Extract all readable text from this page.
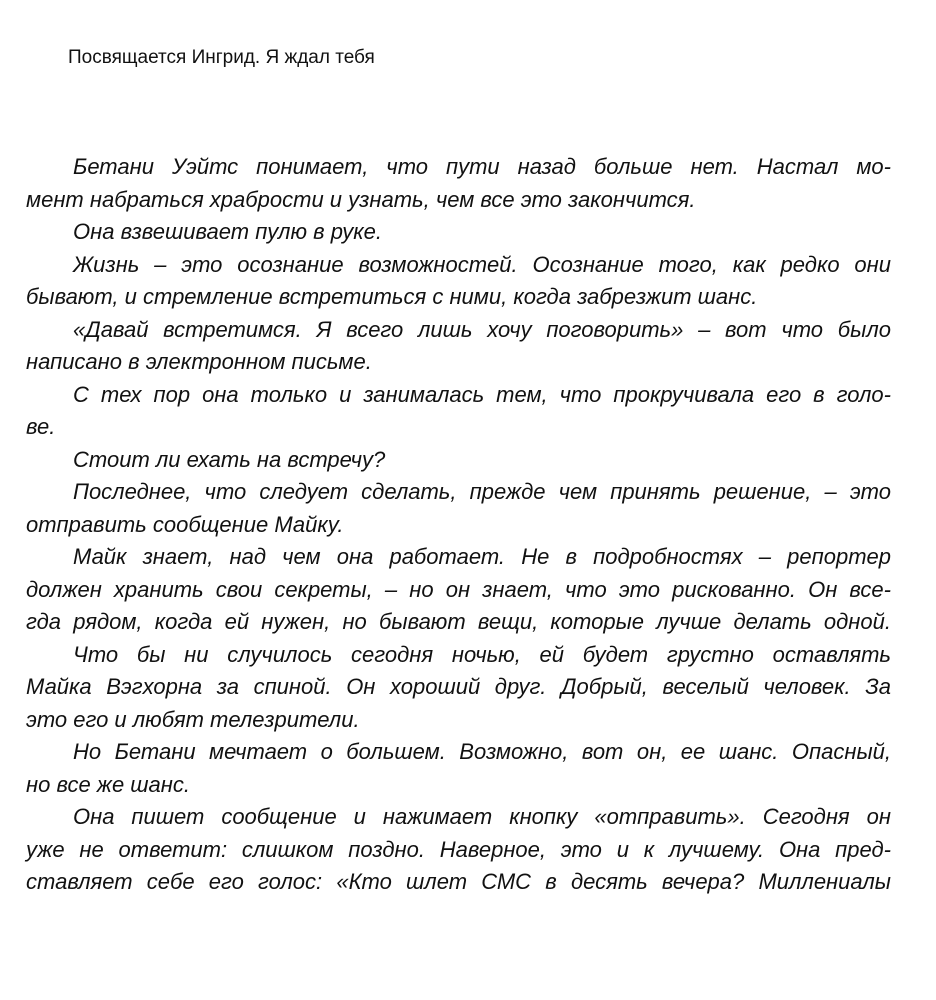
Посвящается Ингрид. Я ждал тебя
Бетани Уэйтс понимает, что пути назад больше нет. Настал мо-
мент набраться храбрости и узнать, чем все это закончится.
Она взвешивает пулю в руке.
Жизнь – это осознание возможностей. Осознание того, как редко они
бывают, и стремление встретиться с ними, когда забрезжит шанс.
«Давай встретимся. Я всего лишь хочу поговорить» – вот что было
написано в электронном письме.
С тех пор она только и занималась тем, что прокручивала его в голо-
ве.
Стоит ли ехать на встречу?
Последнее, что следует сделать, прежде чем принять решение, – это
отправить сообщение Майку.
Майк знает, над чем она работает. Не в подробностях – репортер
должен хранить свои секреты, – но он знает, что это рискованно. Он все-
гда рядом, когда ей нужен, но бывают вещи, которые лучше делать одной.
Что бы ни случилось сегодня ночью, ей будет грустно оставлять
Майка Вэгхорна за спиной. Он хороший друг. Добрый, веселый человек. За
это его и любят телезрители.
Но Бетани мечтает о большем. Возможно, вот он, ее шанс. Опасный,
но все же шанс.
Она пишет сообщение и нажимает кнопку «отправить». Сегодня он
уже не ответит: слишком поздно. Наверное, это и к лучшему. Она пред-
ставляет себе его голос: «Кто шлет СМС в десять вечера? Миллениалы
